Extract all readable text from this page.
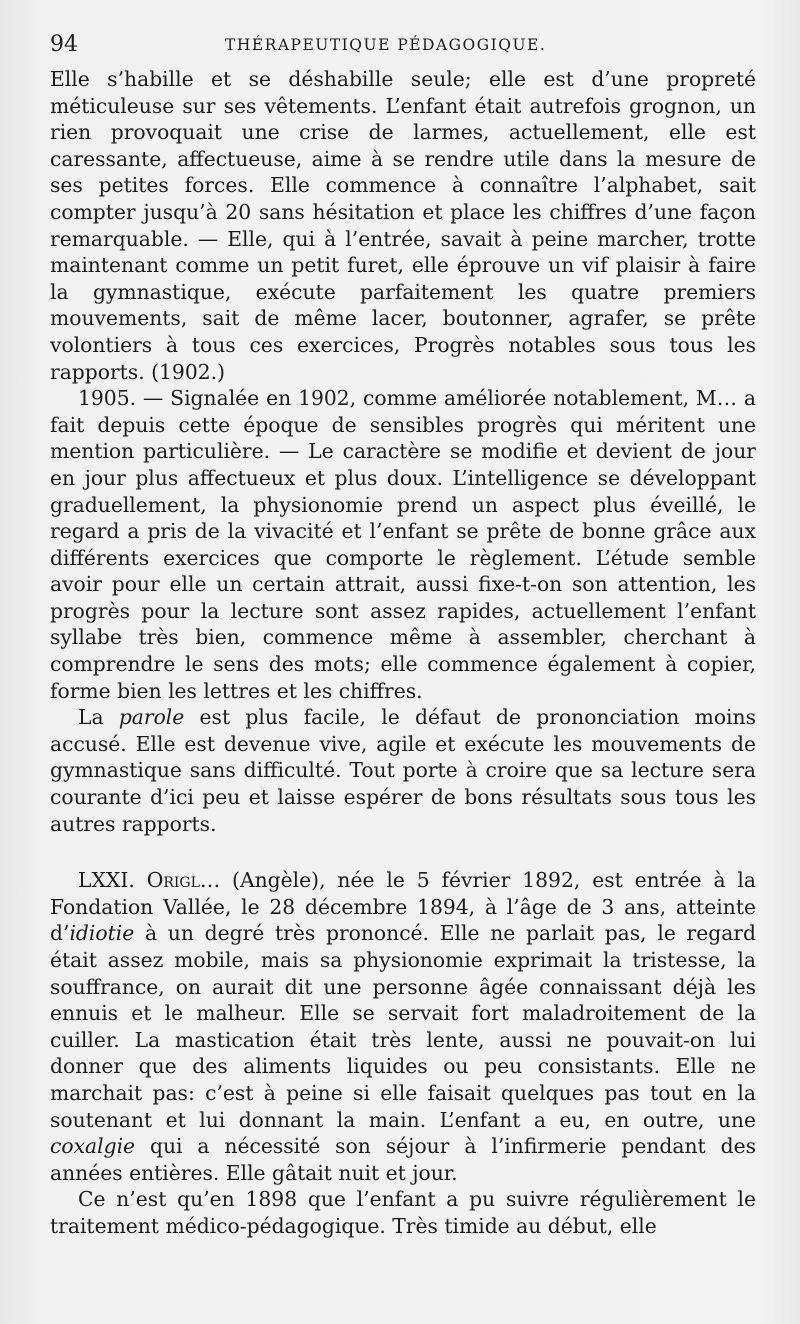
94	THÉRAPEUTIQUE PÉDAGOGIQUE.

Elle s’habille et se déshabille seule; elle est d’une propreté méticuleuse sur ses vêtements. L’enfant était autrefois grognon, un rien provoquait une crise de larmes, actuellement, elle est caressante, affectueuse, aime à se rendre utile dans la mesure de ses petites forces. Elle commence à connaître l’alphabet, sait compter jusqu’à 20 sans hésitation et place les chiffres d’une façon remarquable. — Elle, qui à l’entrée, savait à peine marcher, trotte maintenant comme un petit furet, elle éprouve un vif plaisir à faire la gymnastique, exécute parfaitement les quatre premiers mouvements, sait de même lacer, boutonner, agrafer, se prête volontiers à tous ces exercices, Progrès notables sous tous les rapports. (1902.)

1905. — Signalée en 1902, comme améliorée notablement, M… a fait depuis cette époque de sensibles progrès qui méritent une mention particulière. — Le caractère se modifie et devient de jour en jour plus affectueux et plus doux. L’intelligence se développant graduellement, la physionomie prend un aspect plus éveillé, le regard a pris de la vivacité et l’enfant se prête de bonne grâce aux différents exercices que comporte le règlement. L’étude semble avoir pour elle un certain attrait, aussi fixe-t-on son attention, les progrès pour la lecture sont assez rapides, actuellement l’enfant syllabe très bien, commence même à assembler, cherchant à comprendre le sens des mots; elle commence également à copier, forme bien les lettres et les chiffres.

La parole est plus facile, le défaut de prononciation moins accusé. Elle est devenue vive, agile et exécute les mouvements de gymnastique sans difficulté. Tout porte à croire que sa lecture sera courante d’ici peu et laisse espérer de bons résultats sous tous les autres rapports.

LXXI. Origl… (Angèle), née le 5 février 1892, est entrée à la Fondation Vallée, le 28 décembre 1894, à l’âge de 3 ans, atteinte d’idiotie à un degré très prononcé. Elle ne parlait pas, le regard était assez mobile, mais sa physionomie exprimait la tristesse, la souffrance, on aurait dit une personne âgée connaissant déjà les ennuis et le malheur. Elle se servait fort maladroitement de la cuiller. La mastication était très lente, aussi ne pouvait-on lui donner que des aliments liquides ou peu consistants. Elle ne marchait pas: c’est à peine si elle faisait quelques pas tout en la soutenant et lui donnant la main. L’enfant a eu, en outre, une coxalgie qui a nécessité son séjour à l’infirmerie pendant des années entières. Elle gâtait nuit et jour.

Ce n’est qu’en 1898 que l’enfant a pu suivre régulièrement le traitement médico-pédagogique. Très timide au début, elle
